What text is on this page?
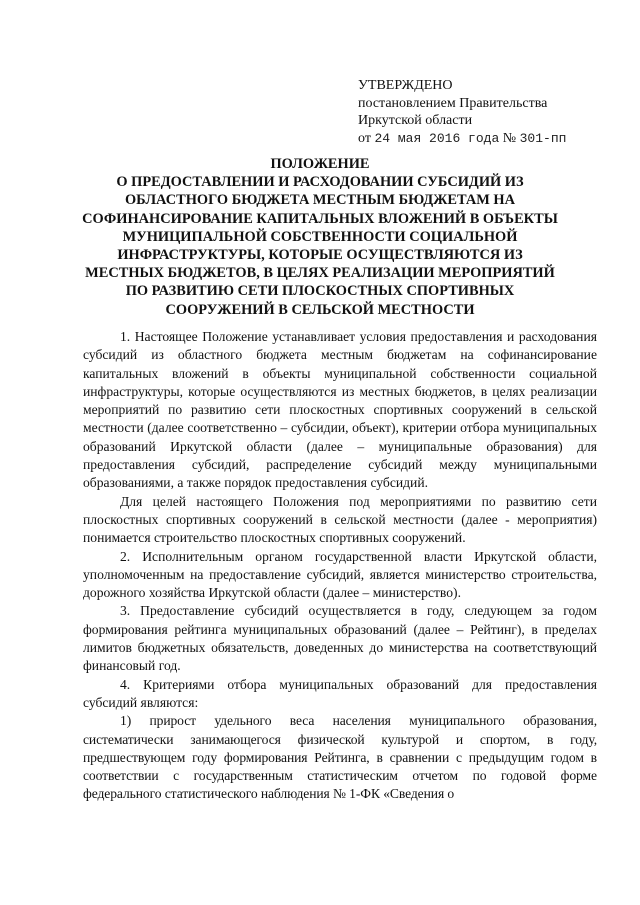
УТВЕРЖДЕНО
постановлением Правительства
Иркутской области
от 24 мая 2016 года № 301-пп
ПОЛОЖЕНИЕ
О ПРЕДОСТАВЛЕНИИ И РАСХОДОВАНИИ СУБСИДИЙ ИЗ
ОБЛАСТНОГО БЮДЖЕТА МЕСТНЫМ БЮДЖЕТАМ НА
СОФИНАНСИРОВАНИЕ КАПИТАЛЬНЫХ ВЛОЖЕНИЙ В ОБЪЕКТЫ
МУНИЦИПАЛЬНОЙ СОБСТВЕННОСТИ СОЦИАЛЬНОЙ
ИНФРАСТРУКТУРЫ, КОТОРЫЕ ОСУЩЕСТВЛЯЮТСЯ ИЗ
МЕСТНЫХ БЮДЖЕТОВ, В ЦЕЛЯХ РЕАЛИЗАЦИИ МЕРОПРИЯТИЙ
ПО РАЗВИТИЮ СЕТИ ПЛОСКОСТНЫХ СПОРТИВНЫХ
СООРУЖЕНИЙ В СЕЛЬСКОЙ МЕСТНОСТИ

1. Настоящее Положение устанавливает условия предоставления и расходования субсидий из областного бюджета местным бюджетам на софинансирование капитальных вложений в объекты муниципальной собственности социальной инфраструктуры, которые осуществляются из местных бюджетов, в целях реализации мероприятий по развитию сети плоскостных спортивных сооружений в сельской местности (далее соответственно – субсидии, объект), критерии отбора муниципальных образований Иркутской области (далее – муниципальные образования) для предоставления субсидий, распределение субсидий между муниципальными образованиями, а также порядок предоставления субсидий.

Для целей настоящего Положения под мероприятиями по развитию сети плоскостных спортивных сооружений в сельской местности (далее - мероприятия) понимается строительство плоскостных спортивных сооружений.

2. Исполнительным органом государственной власти Иркутской области, уполномоченным на предоставление субсидий, является министерство строительства, дорожного хозяйства Иркутской области (далее – министерство).

3. Предоставление субсидий осуществляется в году, следующем за годом формирования рейтинга муниципальных образований (далее – Рейтинг), в пределах лимитов бюджетных обязательств, доведенных до министерства на соответствующий финансовый год.

4. Критериями отбора муниципальных образований для предоставления субсидий являются:

1) прирост удельного веса населения муниципального образования, систематически занимающегося физической культурой и спортом, в году, предшествующем году формирования Рейтинга, в сравнении с предыдущим годом в соответствии с государственным статистическим отчетом по годовой форме федерального статистического наблюдения № 1-ФК «Сведения о
